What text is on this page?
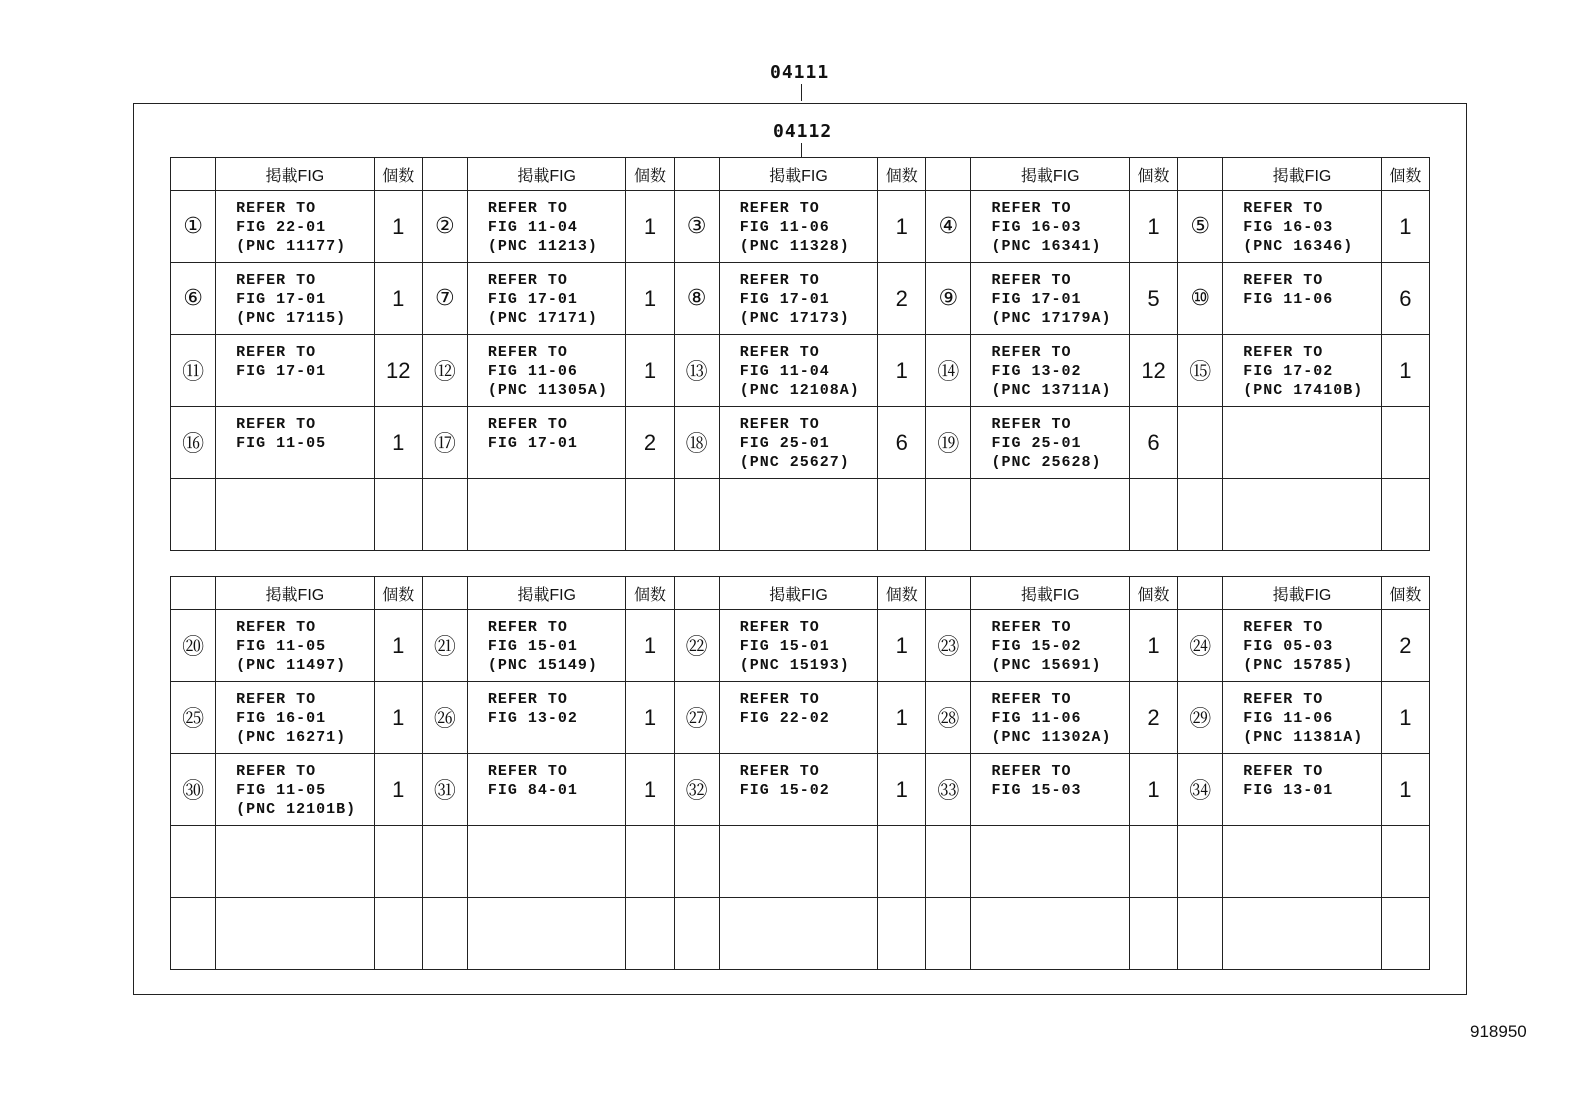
04111
04112
	掲載FIG	個数		掲載FIG	個数		掲載FIG	個数		掲載FIG	個数		掲載FIG	個数
①	REFER TO
FIG 22-01
(PNC 11177)	1	②	REFER TO
FIG 11-04
(PNC 11213)	1	③	REFER TO
FIG 11-06
(PNC 11328)	1	④	REFER TO
FIG 16-03
(PNC 16341)	1	⑤	REFER TO
FIG 16-03
(PNC 16346)	1
⑥	REFER TO
FIG 17-01
(PNC 17115)	1	⑦	REFER TO
FIG 17-01
(PNC 17171)	1	⑧	REFER TO
FIG 17-01
(PNC 17173)	2	⑨	REFER TO
FIG 17-01
(PNC 17179A)	5	⑩	REFER TO
FIG 11-06	6
⑪	REFER TO
FIG 17-01	12	⑫	REFER TO
FIG 11-06
(PNC 11305A)	1	⑬	REFER TO
FIG 11-04
(PNC 12108A)	1	⑭	REFER TO
FIG 13-02
(PNC 13711A)	12	⑮	REFER TO
FIG 17-02
(PNC 17410B)	1
⑯	REFER TO
FIG 11-05	1	⑰	REFER TO
FIG 17-01	2	⑱	REFER TO
FIG 25-01
(PNC 25627)	6	⑲	REFER TO
FIG 25-01
(PNC 25628)	6		

	掲載FIG	個数		掲載FIG	個数		掲載FIG	個数		掲載FIG	個数		掲載FIG	個数
⑳	REFER TO
FIG 11-05
(PNC 11497)	1	㉑	REFER TO
FIG 15-01
(PNC 15149)	1	㉒	REFER TO
FIG 15-01
(PNC 15193)	1	㉓	REFER TO
FIG 15-02
(PNC 15691)	1	㉔	REFER TO
FIG 05-03
(PNC 15785)	2
㉕	REFER TO
FIG 16-01
(PNC 16271)	1	㉖	REFER TO
FIG 13-02	1	㉗	REFER TO
FIG 22-02	1	㉘	REFER TO
FIG 11-06
(PNC 11302A)	2	㉙	REFER TO
FIG 11-06
(PNC 11381A)	1
㉚	REFER TO
FIG 11-05
(PNC 12101B)	1	㉛	REFER TO
FIG 84-01	1	㉜	REFER TO
FIG 15-02	1	㉝	REFER TO
FIG 15-03	1	㉞	REFER TO
FIG 13-01	1

918950
